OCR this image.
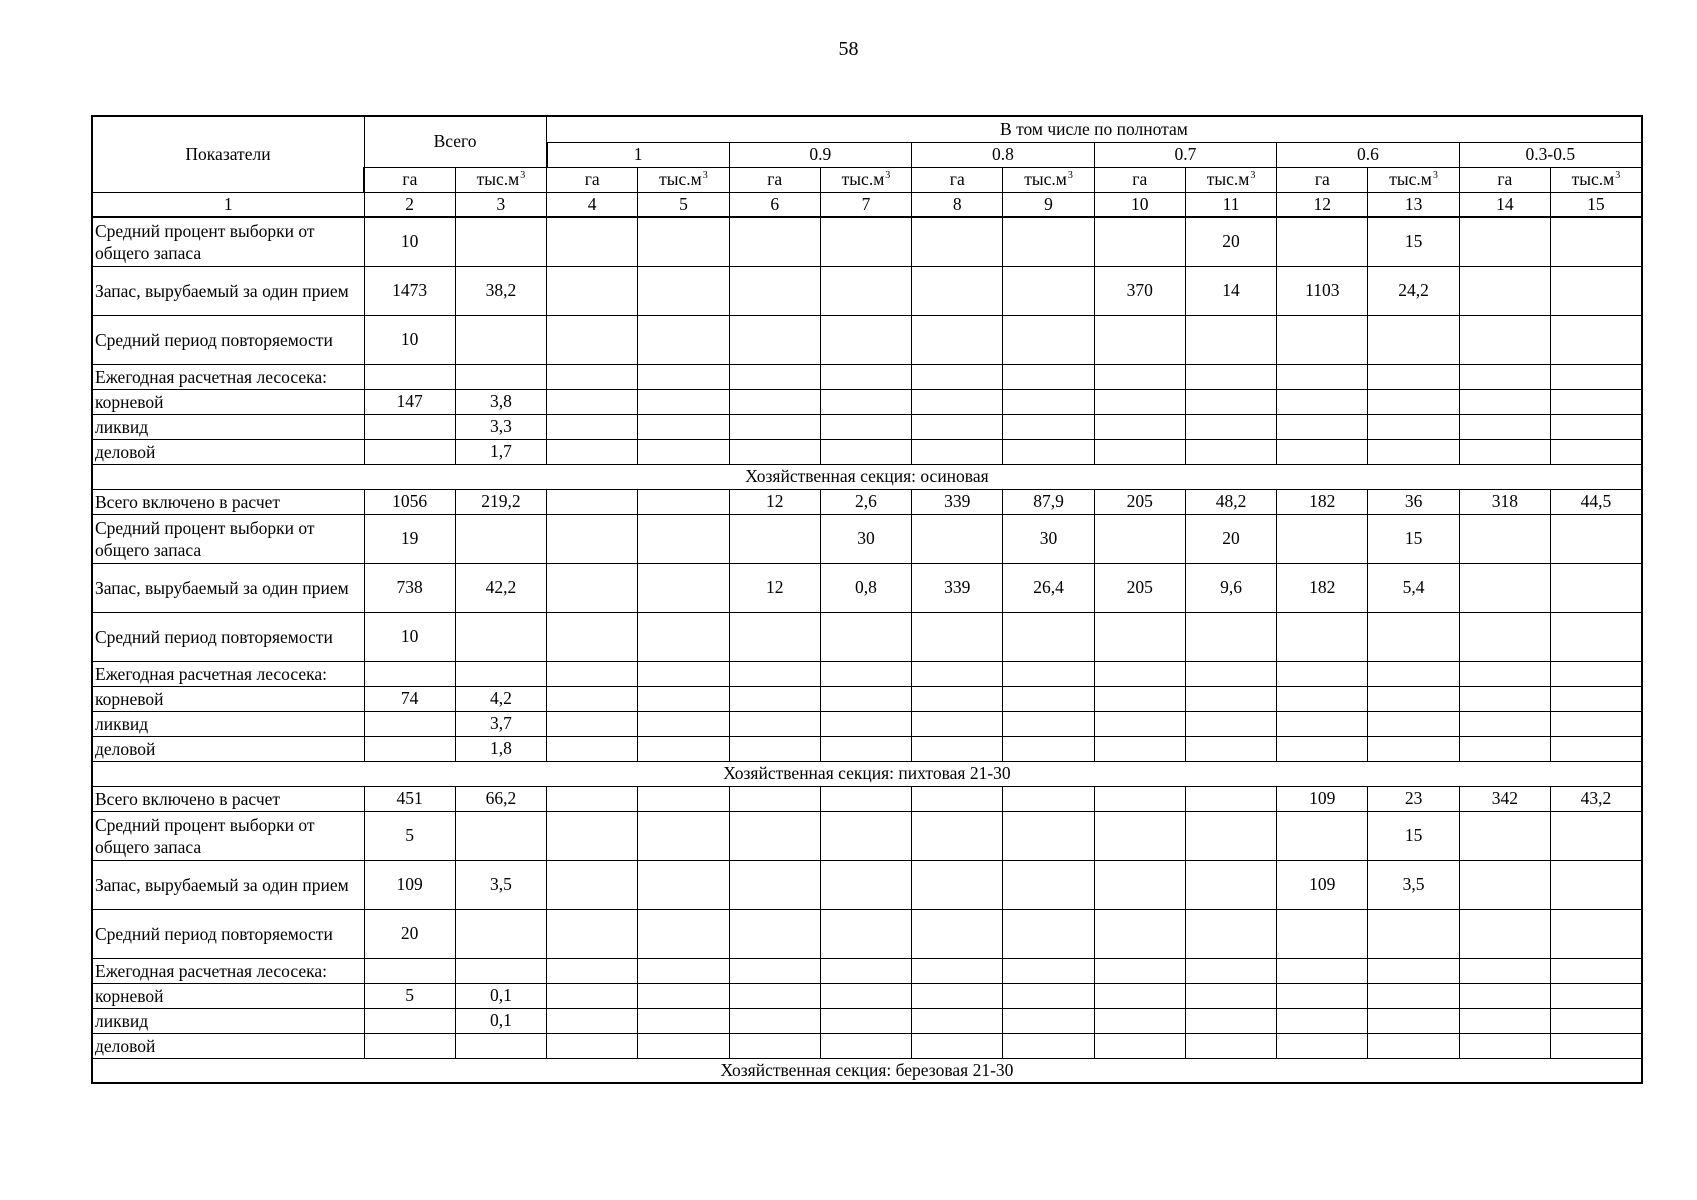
58
Показатели	Всего		В том числе по полнотам											
			1		0.9		0.8		0.7		0.6		0.3-0.5	
	га	$тыс.м^3$	га	$тыс.м^3$	га	$тыс.м^3$	га	$тыс.м^3$	га	$тыс.м^3$	га	$тыс.м^3$	га	$тыс.м^3$
1	2	3	4	5	6	7	8	9	10	11	12	13	14	15
Средний процент выборки от общего запаса	10									20		15		
Запас, вырубаемый за один прием	1473	38,2							370	14	1103	24,2		
Средний период повторяемости	10													
Ежегодная расчетная лесосека:														
корневой	147	3,8												
ликвид		3,3												
деловой		1,7												
Хозяйственная секция: осиновая														
Всего включено в расчет	1056	219,2			12	2,6	339	87,9	205	48,2	182	36	318	44,5
Средний процент выборки от общего запаса	19					30		30		20		15		
Запас, вырубаемый за один прием	738	42,2			12	0,8	339	26,4	205	9,6	182	5,4		
Средний период повторяемости	10													
Ежегодная расчетная лесосека:														
корневой	74	4,2												
ликвид		3,7												
деловой		1,8												
Хозяйственная секция: пихтовая 21-30														
Всего включено в расчет	451	66,2									109	23	342	43,2
Средний процент выборки от общего запаса	5											15		
Запас, вырубаемый за один прием	109	3,5									109	3,5		
Средний период повторяемости	20													
Ежегодная расчетная лесосека:														
корневой	5	0,1												
ликвид		0,1												
деловой														
Хозяйственная секция: березовая 21-30														
